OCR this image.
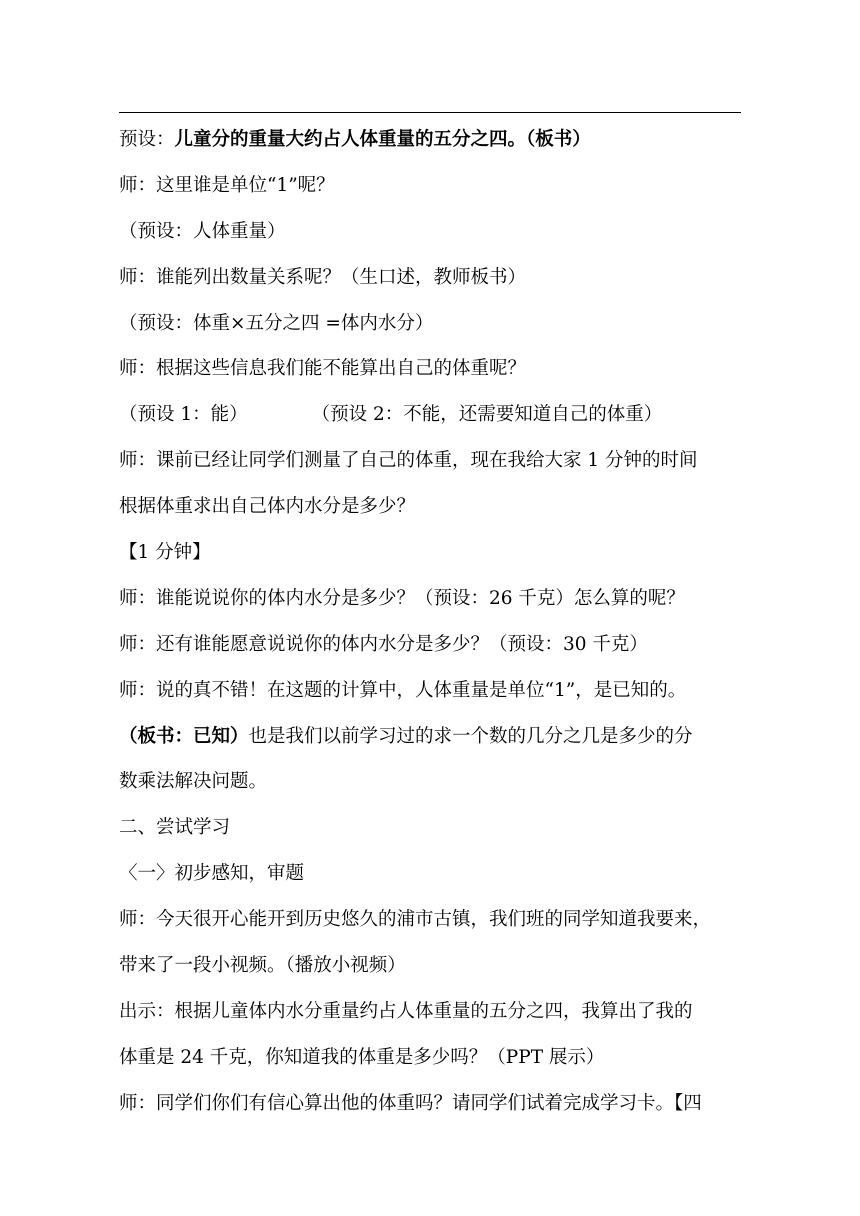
预设：儿童分的重量大约占人体重量的五分之四。（板书）
师：这里谁是单位“1”呢？
（预设：人体重量）
师：谁能列出数量关系呢？（生口述，教师板书）
（预设：体重×五分之四 =体内水分）
师：根据这些信息我们能不能算出自己的体重呢？
（预设 1：能）	（预设 2：不能，还需要知道自己的体重）
师：课前已经让同学们测量了自己的体重，现在我给大家 1 分钟的时间
根据体重求出自己体内水分是多少？
【1 分钟】
师：谁能说说你的体内水分是多少？（预设：26 千克）怎么算的呢？
师：还有谁能愿意说说你的体内水分是多少？（预设：30 千克）
师：说的真不错！在这题的计算中，人体重量是单位“1”，是已知的。
（板书：已知）也是我们以前学习过的求一个数的几分之几是多少的分
数乘法解决问题。
二、尝试学习
〈一〉初步感知，审题
师：今天很开心能开到历史悠久的浦市古镇，我们班的同学知道我要来，
带来了一段小视频。（播放小视频）
出示：根据儿童体内水分重量约占人体重量的五分之四，我算出了我的
体重是 24 千克，你知道我的体重是多少吗？（PPT 展示）
师：同学们你们有信心算出他的体重吗？请同学们试着完成学习卡。【四
